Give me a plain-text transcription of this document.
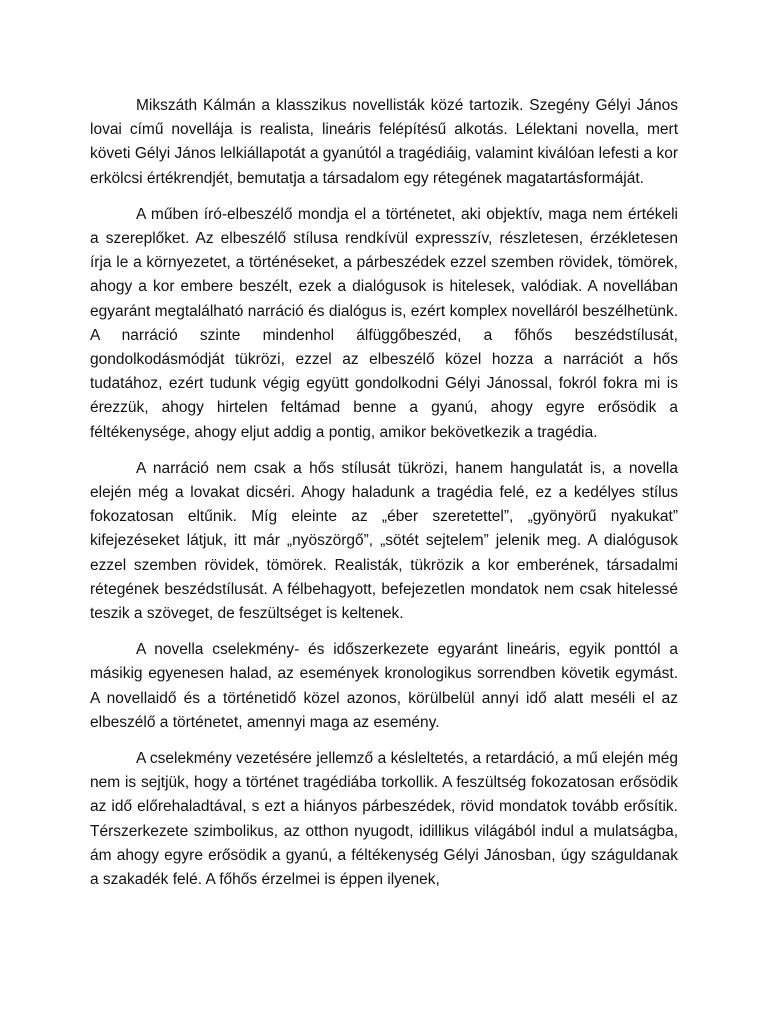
Mikszáth Kálmán a klasszikus novellisták közé tartozik. Szegény Gélyi János lovai című novellája is realista, lineáris felépítésű alkotás. Lélektani novella, mert követi Gélyi János lelkiállapotát a gyanútól a tragédiáig, valamint kiválóan lefesti a kor erkölcsi értékrendjét, bemutatja a társadalom egy rétegének magatartásformáját.

A műben író-elbeszélő mondja el a történetet, aki objektív, maga nem értékeli a szereplőket. Az elbeszélő stílusa rendkívül expresszív, részletesen, érzékletesen írja le a környezetet, a történéseket, a párbeszédek ezzel szemben rövidek, tömörek, ahogy a kor embere beszélt, ezek a dialógusok is hitelesek, valódiak. A novellában egyaránt megtalálható narráció és dialógus is, ezért komplex novelláról beszélhetünk. A narráció szinte mindenhol álfüggőbeszéd, a főhős beszédstílusát, gondolkodásmódját tükrözi, ezzel az elbeszélő közel hozza a narrációt a hős tudatához, ezért tudunk végig együtt gondolkodni Gélyi Jánossal, fokról fokra mi is érezzük, ahogy hirtelen feltámad benne a gyanú, ahogy egyre erősödik a féltékenysége, ahogy eljut addig a pontig, amikor bekövetkezik a tragédia.

A narráció nem csak a hős stílusát tükrözi, hanem hangulatát is, a novella elején még a lovakat dicséri. Ahogy haladunk a tragédia felé, ez a kedélyes stílus fokozatosan eltűnik. Míg eleinte az „éber szeretettel”, „gyönyörű nyakukat” kifejezéseket látjuk, itt már „nyöszörgő”, „sötét sejtelem” jelenik meg. A dialógusok ezzel szemben rövidek, tömörek. Realisták, tükrözik a kor emberének, társadalmi rétegének beszédstílusát. A félbehagyott, befejezetlen mondatok nem csak hitelessé teszik a szöveget, de feszültséget is keltenek.

A novella cselekmény- és időszerkezete egyaránt lineáris, egyik ponttól a másikig egyenesen halad, az események kronologikus sorrendben követik egymást. A novellaidő és a történetidő közel azonos, körülbelül annyi idő alatt meséli el az elbeszélő a történetet, amennyi maga az esemény.

A cselekmény vezetésére jellemző a késleltetés, a retardáció, a mű elején még nem is sejtjük, hogy a történet tragédiába torkollik. A feszültség fokozatosan erősödik az idő előrehaladtával, s ezt a hiányos párbeszédek, rövid mondatok tovább erősítik. Térszerkezete szimbolikus, az otthon nyugodt, idillikus világából indul a mulatságba, ám ahogy egyre erősödik a gyanú, a féltékenység Gélyi Jánosban, úgy száguldanak a szakadék felé. A főhős érzelmei is éppen ilyenek,
